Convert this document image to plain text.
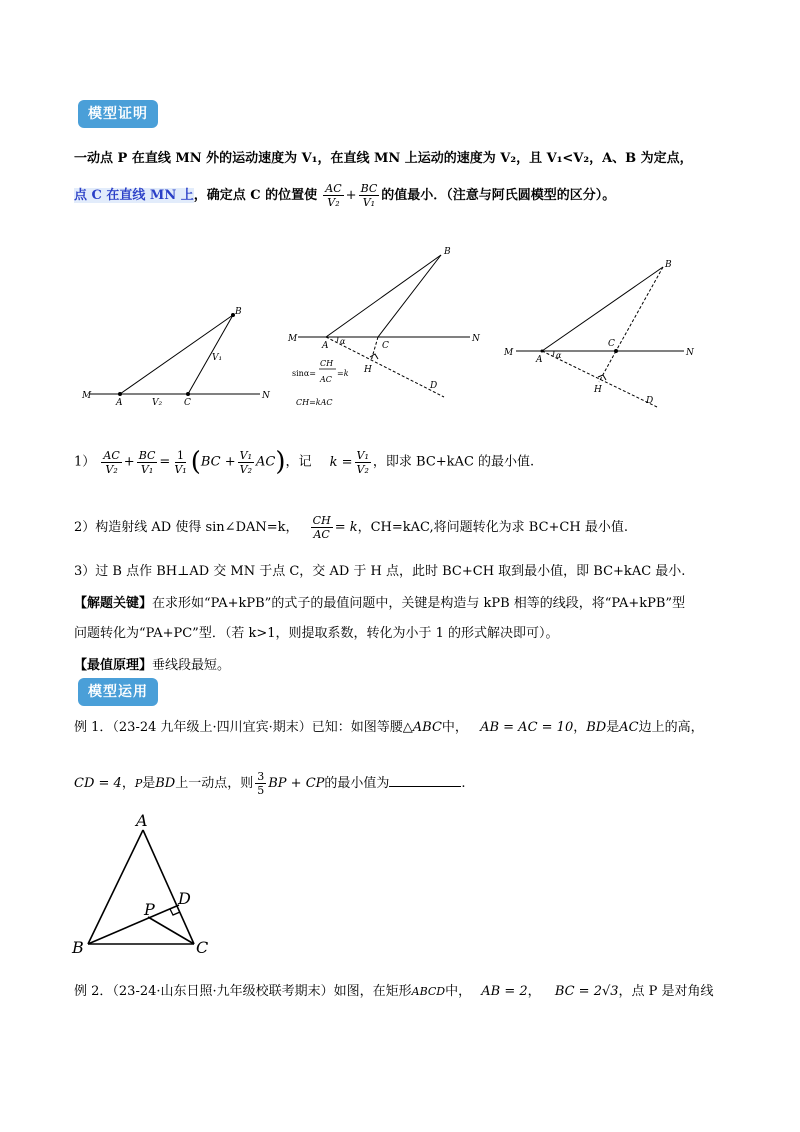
模型证明
一动点 P 在直线 MN 外的运动速度为 V₁，在直线 MN 上运动的速度为 V₂，且 V₁<V₂，A、B 为定点，
点 C 在直线 MN 上，确定点 C 的位置使 $\frac{AC}{\text{V₂}} + \frac{BC}{\text{V₁}}$ 的值最小．（注意与阿氏圆模型的区分）。
M	N
A	C
B
V₁
V₂
M	N
A α	C
B
H
D
sinα=
CH
AC
=k
CH=kAC
M	N
A α
C
B
H
D
$1) \frac{AC}{\text{V₂}} + \frac{BC}{\text{V₁}} = \frac{1}{\text{V₁}} (BC + \frac{\text{V₁}}{\text{V₂}} AC)$，记 $k = \frac{\text{V₁}}{\text{V₂}}$ ，即求 BC+kAC 的最小值.
2）构造射线 AD 使得 sin∠DAN=k， $\frac{CH}{AC} = k$，CH=kAC,将问题转化为求 BC+CH 最小值.
3）过 B 点作 BH⊥AD 交 MN 于点 C，交 AD 于 H 点，此时 BC+CH 取到最小值，即 BC+kAC 最小.
【解题关键】在求形如“PA+kPB”的式子的最值问题中，关键是构造与 kPB 相等的线段，将“PA+kPB”型
问题转化为“PA+PC”型．（若 k>1，则提取系数，转化为小于 1 的形式解决即可）。
【最值原理】垂线段最短。
模型运用
例 1．（23-24 九年级上·四川宜宾·期末）已知：如图等腰△ABC中， AB = AC = 10，BD是AC边上的高，
CD = 4，P是BD上一动点，则 $\frac{3}{5}$ BP + CP的最小值为	.
A
B	C
D
P
例 2．（23-24·山东日照·九年级校联考期末）如图，在矩形ABCD中， AB = 2， BC = 2√3，点 P 是对角线
